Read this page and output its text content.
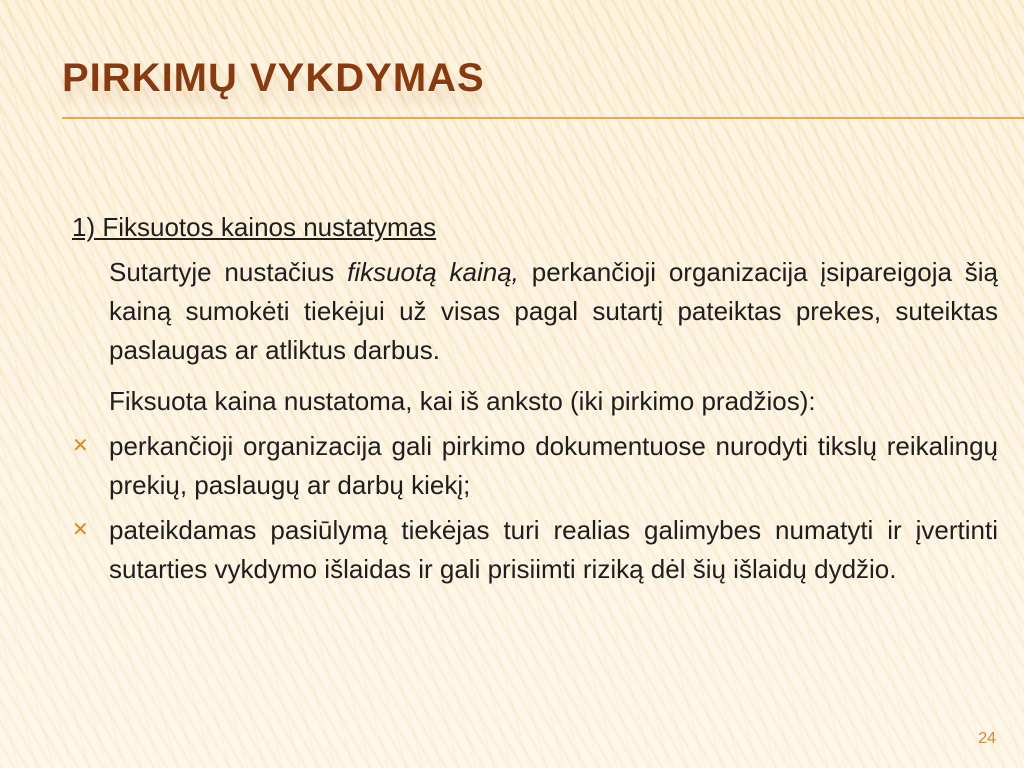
PIRKIMŲ VYKDYMAS
1) Fiksuotos kainos nustatymas

Sutartyje nustačius fiksuotą kainą, perkančioji organizacija įsipareigoja šią kainą sumokėti tiekėjui už visas pagal sutartį pateiktas prekes, suteiktas paslaugas ar atliktus darbus.

Fiksuota kaina nustatoma, kai iš anksto (iki pirkimo pradžios):

✕ perkančioji organizacija gali pirkimo dokumentuose nurodyti tikslų reikalingų prekių, paslaugų ar darbų kiekį;
✕ pateikdamas pasiūlymą tiekėjas turi realias galimybes numatyti ir įvertinti sutarties vykdymo išlaidas ir gali prisiimti riziką dėl šių išlaidų dydžio.
24
